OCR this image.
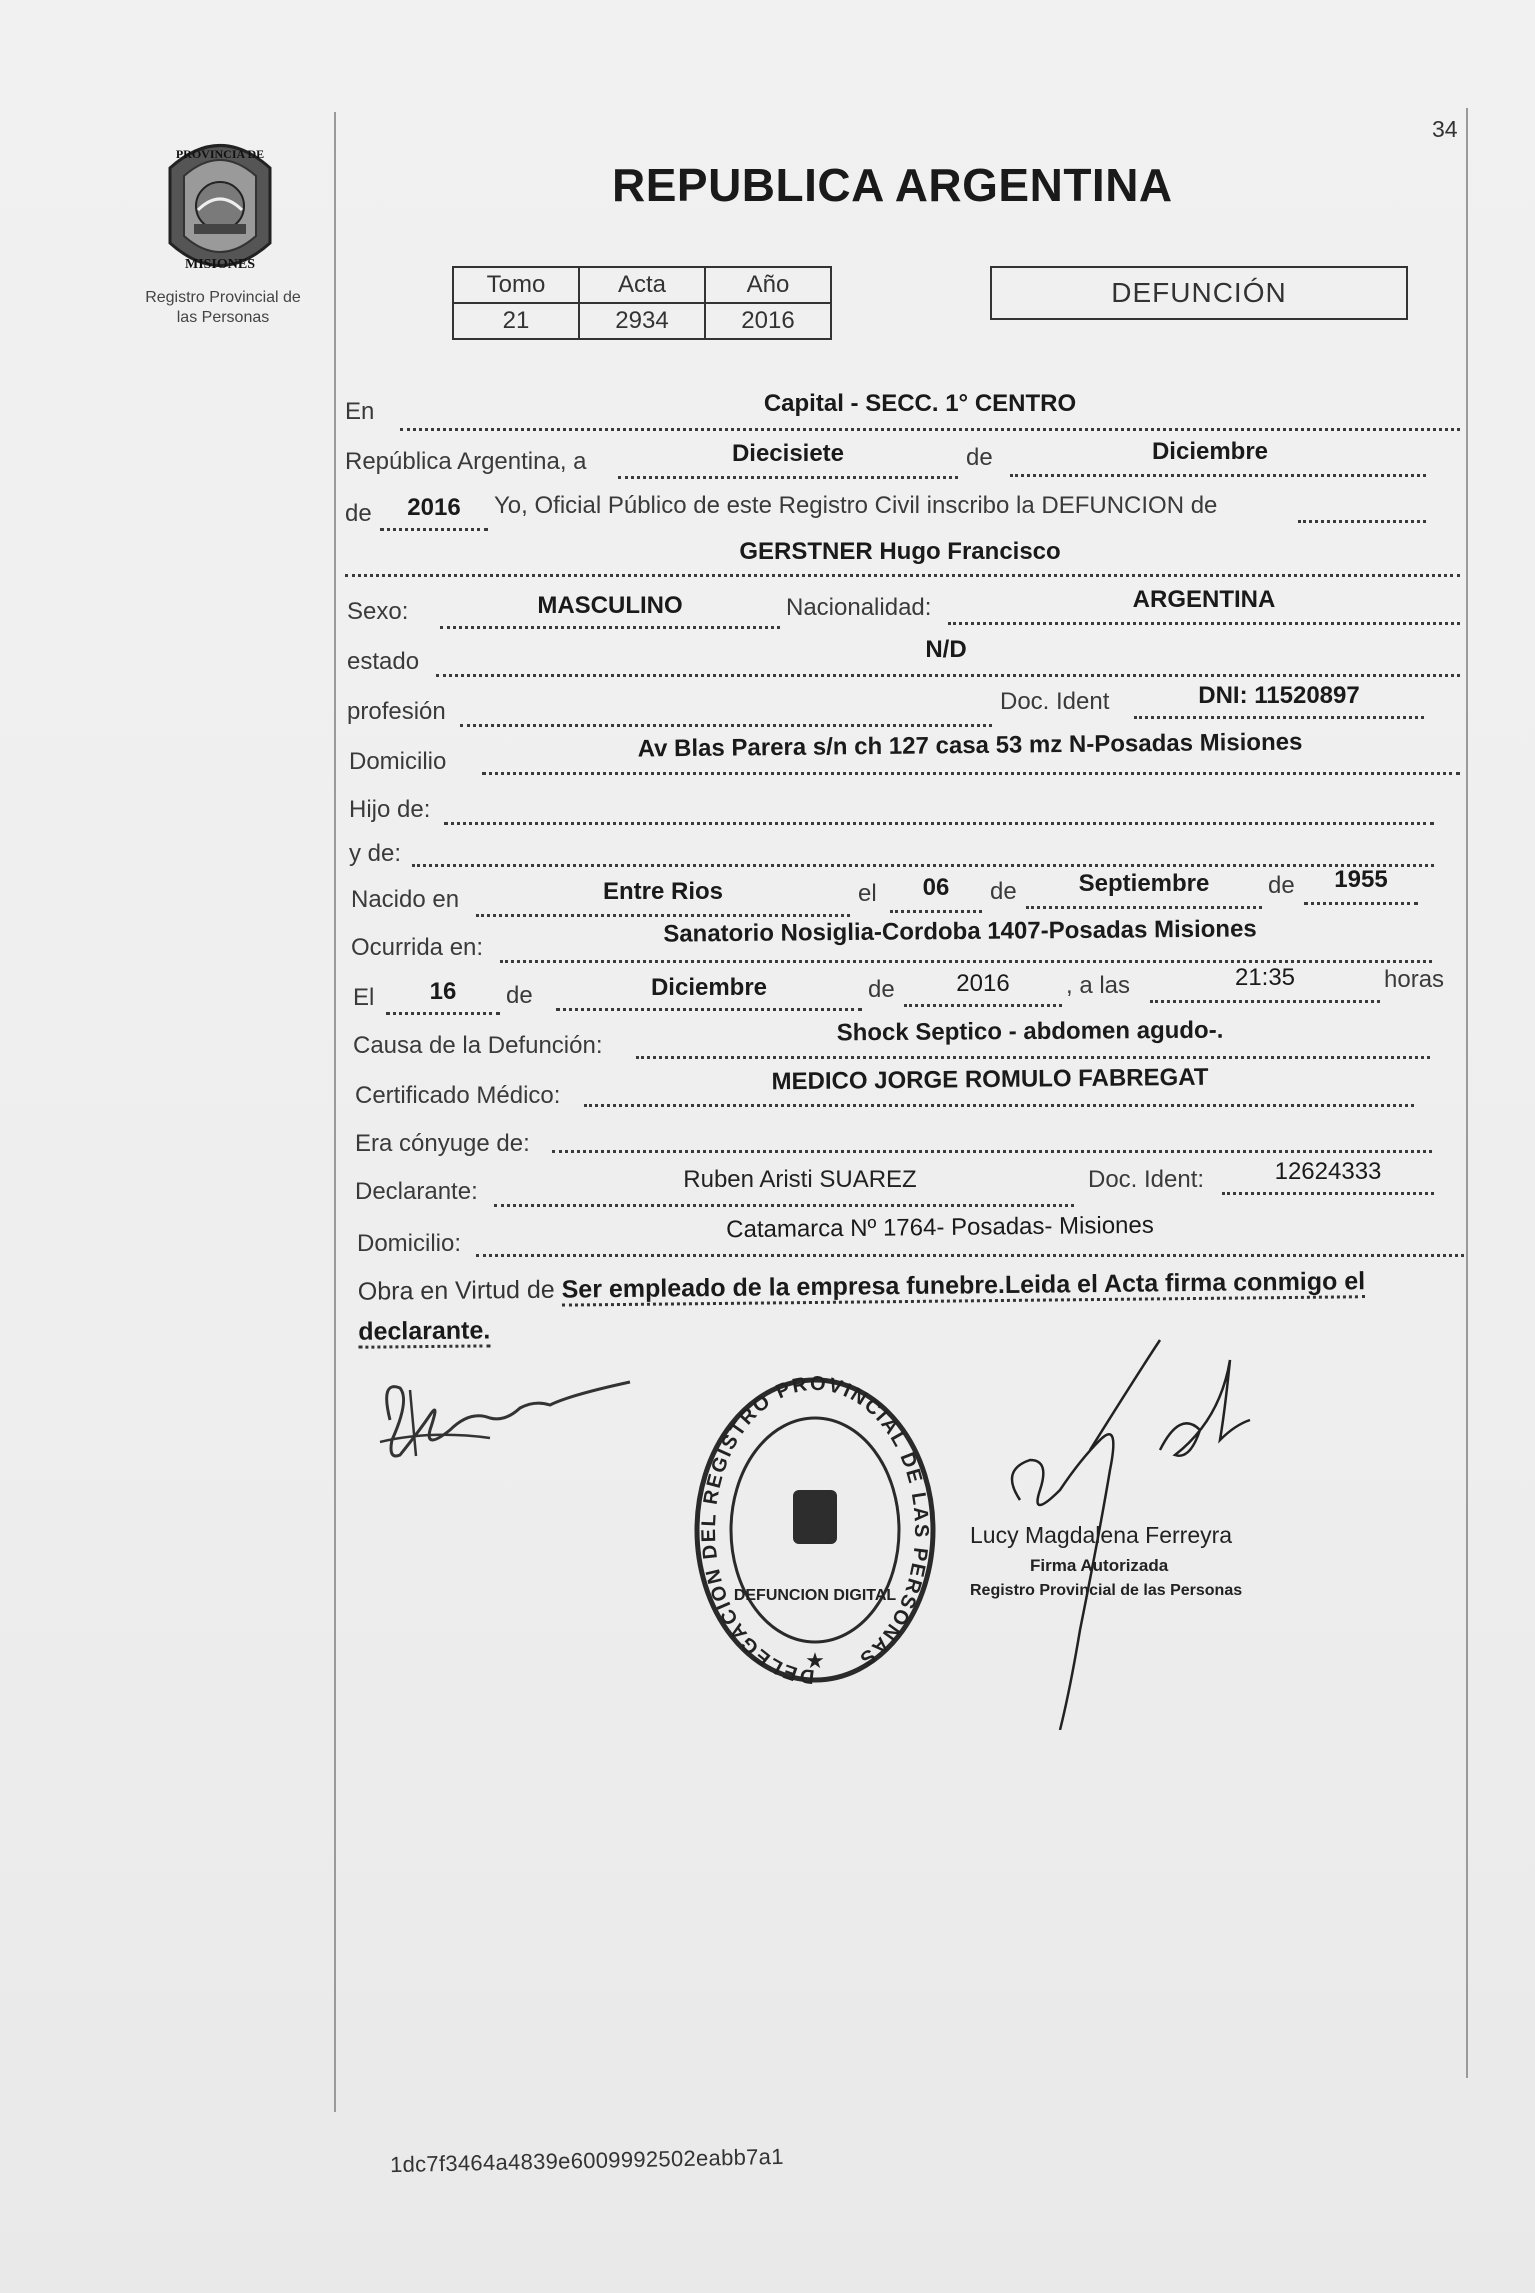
PROVINCIA DE
MISIONES
Registro Provincial de
las Personas
REPUBLICA ARGENTINA
34
Tomo	Acta	Año
21	2934	2016
DEFUNCIÓN
En	Capital - SECC. 1° CENTRO
República Argentina, a	Diecisiete	de	Diciembre
de	2016	Yo, Oficial Público de este Registro Civil inscribo la DEFUNCION de
GERSTNER Hugo Francisco
Sexo:	MASCULINO	Nacionalidad:	ARGENTINA
estado	N/D
profesión	Doc. Ident	DNI: 11520897
Domicilio	Av Blas Parera s/n ch 127 casa 53 mz N-Posadas Misiones
Hijo de:
y de:
Nacido en	Entre Rios	el	06	de	Septiembre	de	1955
Ocurrida en:	Sanatorio Nosiglia-Cordoba 1407-Posadas Misiones
El	16	de	Diciembre	de	2016	, a las	21:35	horas
Causa de la Defunción:	Shock Septico - abdomen agudo-.
Certificado Médico:
MEDICO JORGE ROMULO FABREGAT
Era cónyuge de:
Declarante:	Ruben Aristi SUAREZ	Doc. Ident:	12624333
Domicilio:
Catamarca Nº 1764- Posadas- Misiones
Obra en Virtud de Ser empleado de la empresa funebre.Leida el Acta firma conmigo el declarante.
DELEGACION DEL REGISTRO PROVINCIAL DE LAS PERSONAS
DEFUNCION DIGITAL
★
Lucy Magdalena Ferreyra
Firma Autorizada
Registro Provincial de las Personas
1dc7f3464a4839e6009992502eabb7a1
